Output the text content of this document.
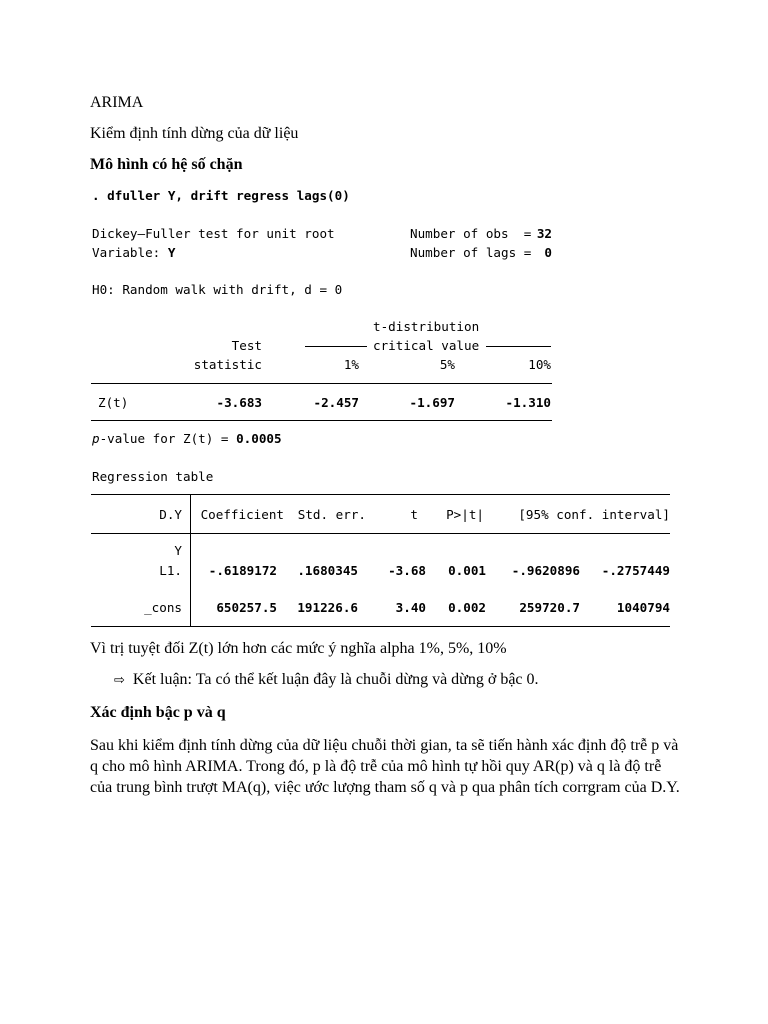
ARIMA
Kiểm định tính dừng của dữ liệu
Mô hình có hệ số chặn
. dfuller Y, drift regress lags(0)
Dickey–Fuller test for unit root
Variable: Y
Number of obs  = 32
Number of lags =	0
H0: Random walk with drift, d = 0
t-distribution
critical value
Test
statistic	1%	5%	10%
Z(t)	-3.683	-2.457	-1.697	-1.310
p-value for Z(t) = 0.0005
Regression table
D.Y	Coefficient	Std. err.	t	P>|t|	[95% conf. interval]
Y
L1.	-.6189172	.1680345	-3.68	0.001	-.9620896	-.2757449
_cons	650257.5	191226.6	3.40	0.002	259720.7	1040794
Vì trị tuyệt đối Z(t) lớn hơn các mức ý nghĩa alpha 1%, 5%, 10%
⇨ Kết luận: Ta có thể kết luận đây là chuỗi dừng và dừng ở bậc 0.
Xác định bậc p và q
Sau khi kiểm định tính dừng của dữ liệu chuỗi thời gian, ta sẽ tiến hành xác định độ trễ p và q cho mô hình ARIMA. Trong đó, p là độ trễ của mô hình tự hồi quy AR(p) và q là độ trễ của trung bình trượt MA(q), việc ước lượng tham số q và p qua phân tích corrgram của D.Y.
